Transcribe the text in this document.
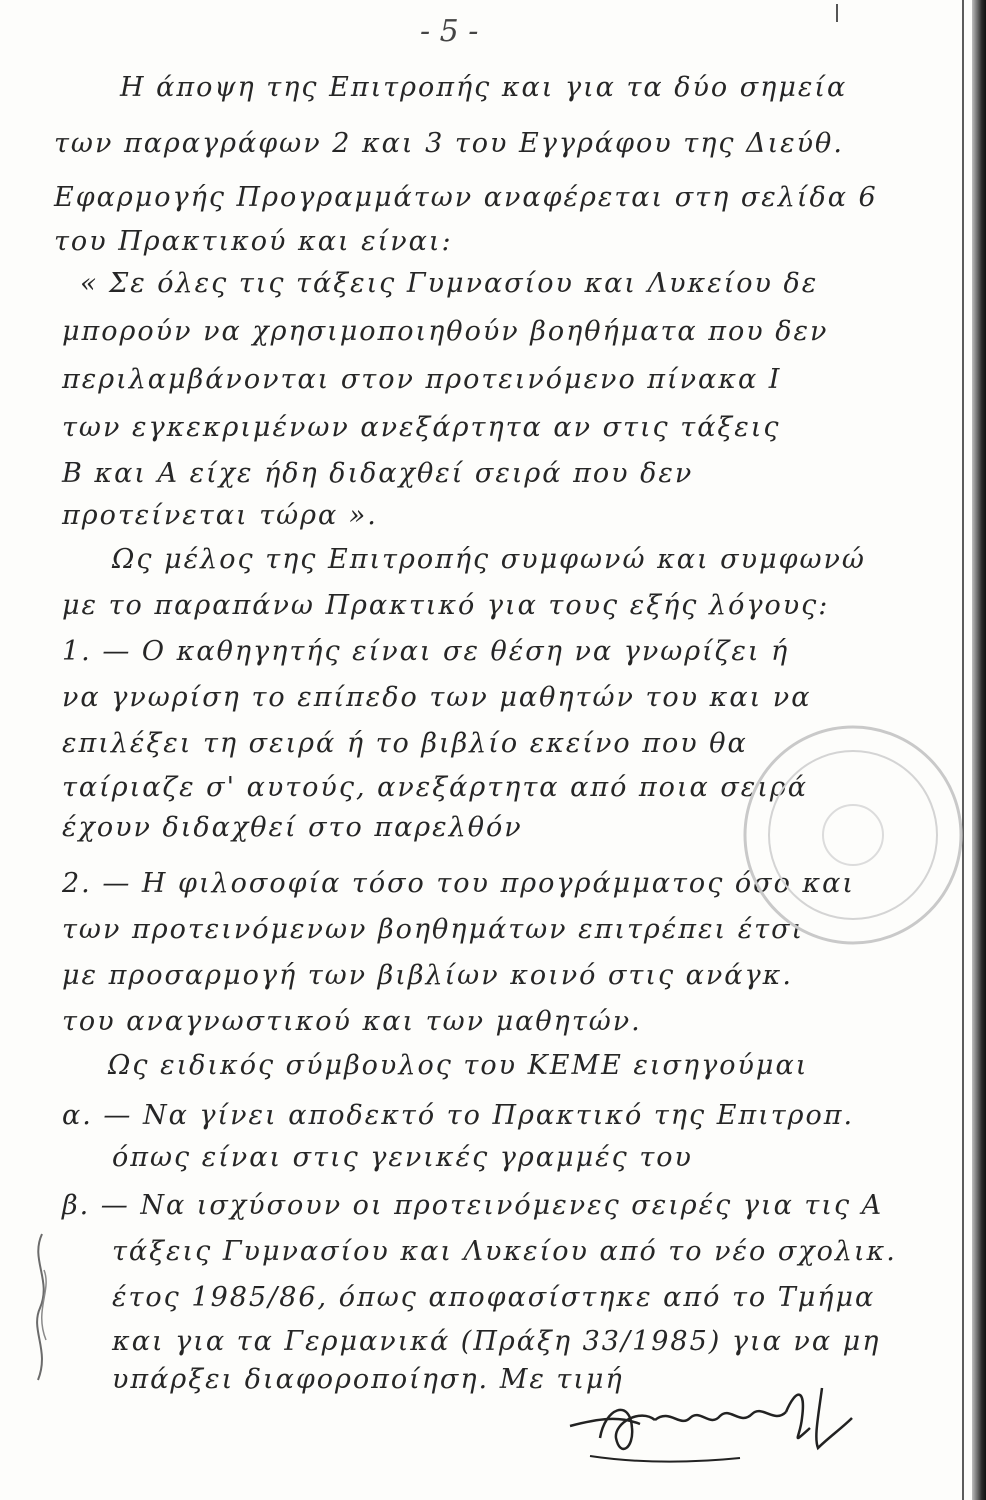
- 5 -
Η άποψη της Επιτροπής και για τα δύο σημεία
των παραγράφων 2 και 3 του Εγγράφου της Διεύθ.
Εφαρμογής Προγραμμάτων αναφέρεται στη σελίδα 6
του Πρακτικού και είναι:
« Σε όλες τις τάξεις Γυμνασίου και Λυκείου δε
μπορούν να χρησιμοποιηθούν βοηθήματα που δεν
περιλαμβάνονται στον προτεινόμενο πίνακα Ι
των εγκεκριμένων ανεξάρτητα αν στις τάξεις
Β και Α είχε ήδη διδαχθεί σειρά που δεν
προτείνεται τώρα ».
Ως μέλος της Επιτροπής συμφωνώ και συμφωνώ
με το παραπάνω Πρακτικό για τους εξής λόγους:
1. — Ο καθηγητής είναι σε θέση να γνωρίζει ή
να γνωρίση το επίπεδο των μαθητών του και να
επιλέξει τη σειρά ή το βιβλίο εκείνο που θα
ταίριαζε σ' αυτούς, ανεξάρτητα από ποια σειρά
έχουν διδαχθεί στο παρελθόν
2. — Η φιλοσοφία τόσο του προγράμματος όσο και
των προτεινόμενων βοηθημάτων επιτρέπει έτσι
με προσαρμογή των βιβλίων κοινό στις ανάγκ.
του αναγνωστικού και των μαθητών.
Ως ειδικός σύμβουλος του ΚΕΜΕ εισηγούμαι
α. — Να γίνει αποδεκτό το Πρακτικό της Επιτροπ.
όπως είναι στις γενικές γραμμές του
β. — Να ισχύσουν οι προτεινόμενες σειρές για τις Α
τάξεις Γυμνασίου και Λυκείου από το νέο σχολικ.
έτος 1985/86, όπως αποφασίστηκε από το Τμήμα
και για τα Γερμανικά (Πράξη 33/1985) για να μη
υπάρξει διαφοροποίηση. Με τιμή
